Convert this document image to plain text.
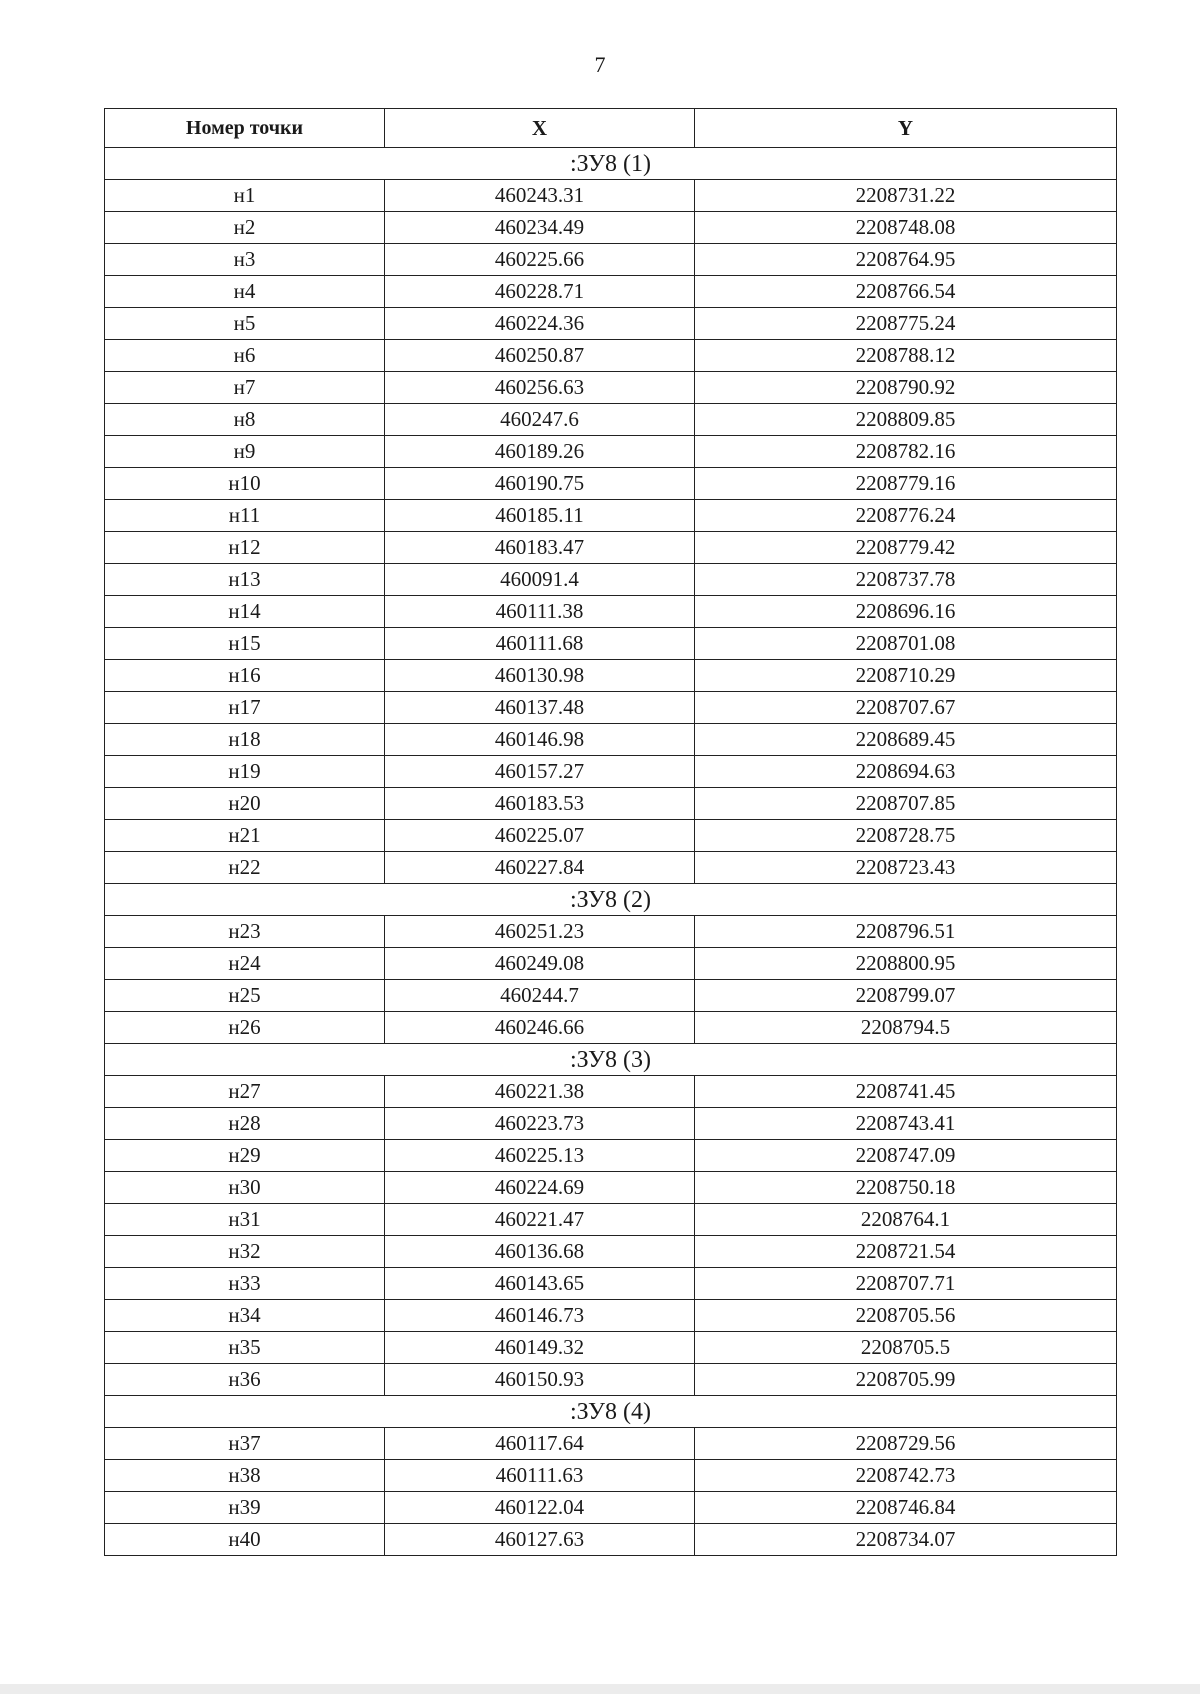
7
Номер точки	X	Y
:ЗУ8 (1)		
н1	460243.31	2208731.22
н2	460234.49	2208748.08
н3	460225.66	2208764.95
н4	460228.71	2208766.54
н5	460224.36	2208775.24
н6	460250.87	2208788.12
н7	460256.63	2208790.92
н8	460247.6	2208809.85
н9	460189.26	2208782.16
н10	460190.75	2208779.16
н11	460185.11	2208776.24
н12	460183.47	2208779.42
н13	460091.4	2208737.78
н14	460111.38	2208696.16
н15	460111.68	2208701.08
н16	460130.98	2208710.29
н17	460137.48	2208707.67
н18	460146.98	2208689.45
н19	460157.27	2208694.63
н20	460183.53	2208707.85
н21	460225.07	2208728.75
н22	460227.84	2208723.43
:ЗУ8 (2)		
н23	460251.23	2208796.51
н24	460249.08	2208800.95
н25	460244.7	2208799.07
н26	460246.66	2208794.5
:ЗУ8 (3)		
н27	460221.38	2208741.45
н28	460223.73	2208743.41
н29	460225.13	2208747.09
н30	460224.69	2208750.18
н31	460221.47	2208764.1
н32	460136.68	2208721.54
н33	460143.65	2208707.71
н34	460146.73	2208705.56
н35	460149.32	2208705.5
н36	460150.93	2208705.99
:ЗУ8 (4)		
н37	460117.64	2208729.56
н38	460111.63	2208742.73
н39	460122.04	2208746.84
н40	460127.63	2208734.07
